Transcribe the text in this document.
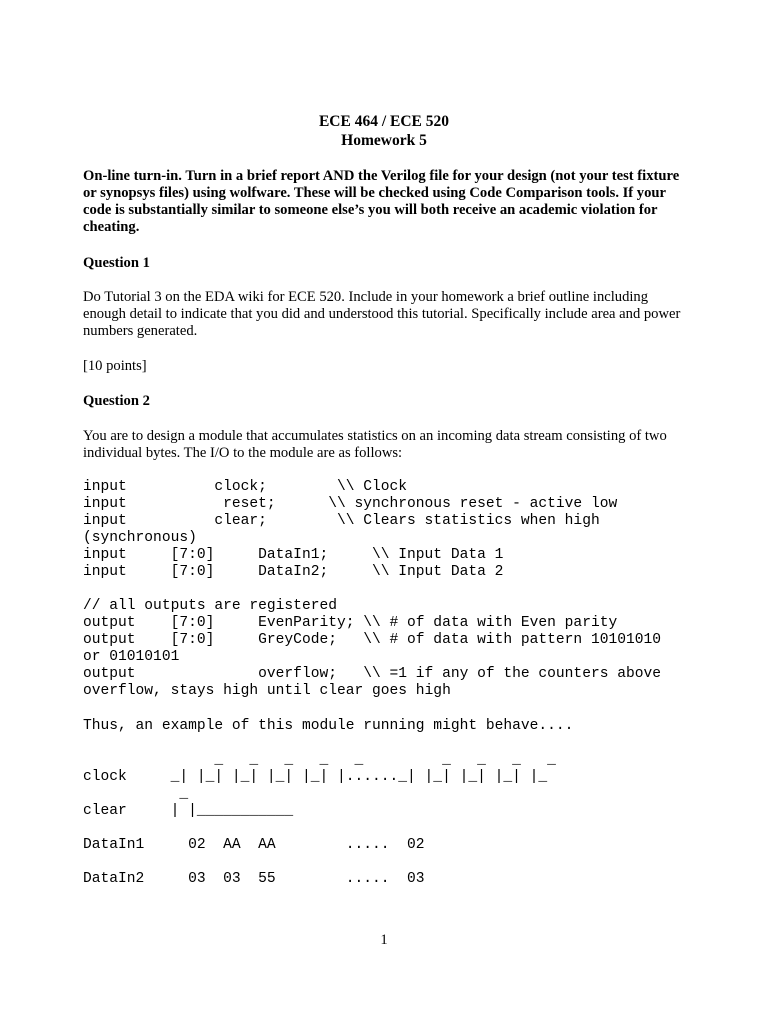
ECE 464 / ECE 520
Homework 5
On-line turn-in. Turn in a brief report AND the Verilog file for your design (not your test fixture or synopsys files) using wolfware. These will be checked using Code Comparison tools. If your code is substantially similar to someone else’s you will both receive an academic violation for cheating.
Question 1
Do Tutorial 3 on the EDA wiki for ECE 520. Include in your homework a brief outline including enough detail to indicate that you did and understood this tutorial. Specifically include area and power numbers generated.
[10 points]
Question 2
You are to design a module that accumulates statistics on an incoming data stream consisting of two individual bytes. The I/O to the module are as follows:
input          clock;        \\ Clock
input           reset;      \\ synchronous reset - active low
input          clear;        \\ Clears statistics when high
(synchronous)
input     [7:0]     DataIn1;     \\ Input Data 1
input     [7:0]     DataIn2;     \\ Input Data 2
// all outputs are registered
output    [7:0]     EvenParity; \\ # of data with Even parity
output    [7:0]     GreyCode;   \\ # of data with pattern 10101010
or 01010101
output              overflow;   \\ =1 if any of the counters above
overflow, stays high until clear goes high
Thus, an example of this module running might behave....
_   _   _   _   _         _   _   _   _
clock     _| |_| |_| |_| |_| |......_| |_| |_| |_| |_
_
clear     | |___________
DataIn1     02  AA  AA        .....  02
DataIn2     03  03  55        .....  03
1
